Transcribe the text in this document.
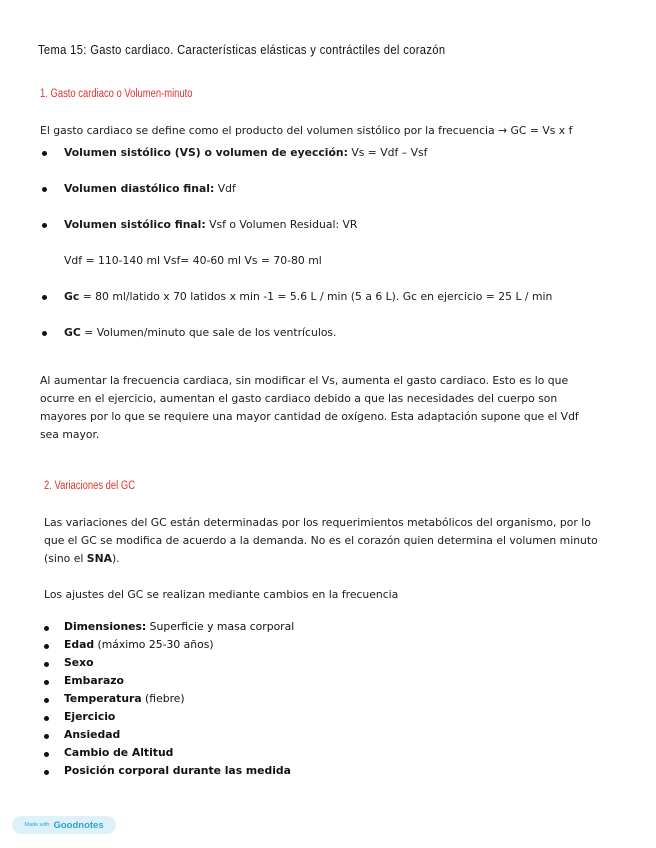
Tema 15: Gasto cardiaco. Características elásticas y contráctiles del corazón
1. Gasto cardiaco o Volumen-minuto
El gasto cardiaco se define como el producto del volumen sistólico por la frecuencia → GC = Vs x f
Volumen sistólico (VS) o volumen de eyección: Vs = Vdf – Vsf
Volumen diastólico final: Vdf
Volumen sistólico final: Vsf o Volumen Residual: VR
Vdf = 110-140 ml Vsf= 40-60 ml Vs = 70-80 ml
Gc = 80 ml/latido x 70 latidos x min -1 = 5.6 L / min (5 a 6 L). Gc en ejercicio = 25 L / min
GC = Volumen/minuto que sale de los ventrículos.
Al aumentar la frecuencia cardiaca, sin modificar el Vs, aumenta el gasto cardiaco. Esto es lo que ocurre en el ejercicio, aumentan el gasto cardiaco debido a que las necesidades del cuerpo son mayores por lo que se requiere una mayor cantidad de oxígeno. Esta adaptación supone que el Vdf sea mayor.
2. Variaciones del GC
Las variaciones del GC están determinadas por los requerimientos metabólicos del organismo, por lo que el GC se modifica de acuerdo a la demanda. No es el corazón quien determina el volumen minuto (sino el SNA).
Los ajustes del GC se realizan mediante cambios en la frecuencia
Dimensiones: Superficie y masa corporal
Edad (máximo 25-30 años)
Sexo
Embarazo
Temperatura (fiebre)
Ejercicio
Ansiedad
Cambio de Altitud
Posición corporal durante las medida
Made with Goodnotes
